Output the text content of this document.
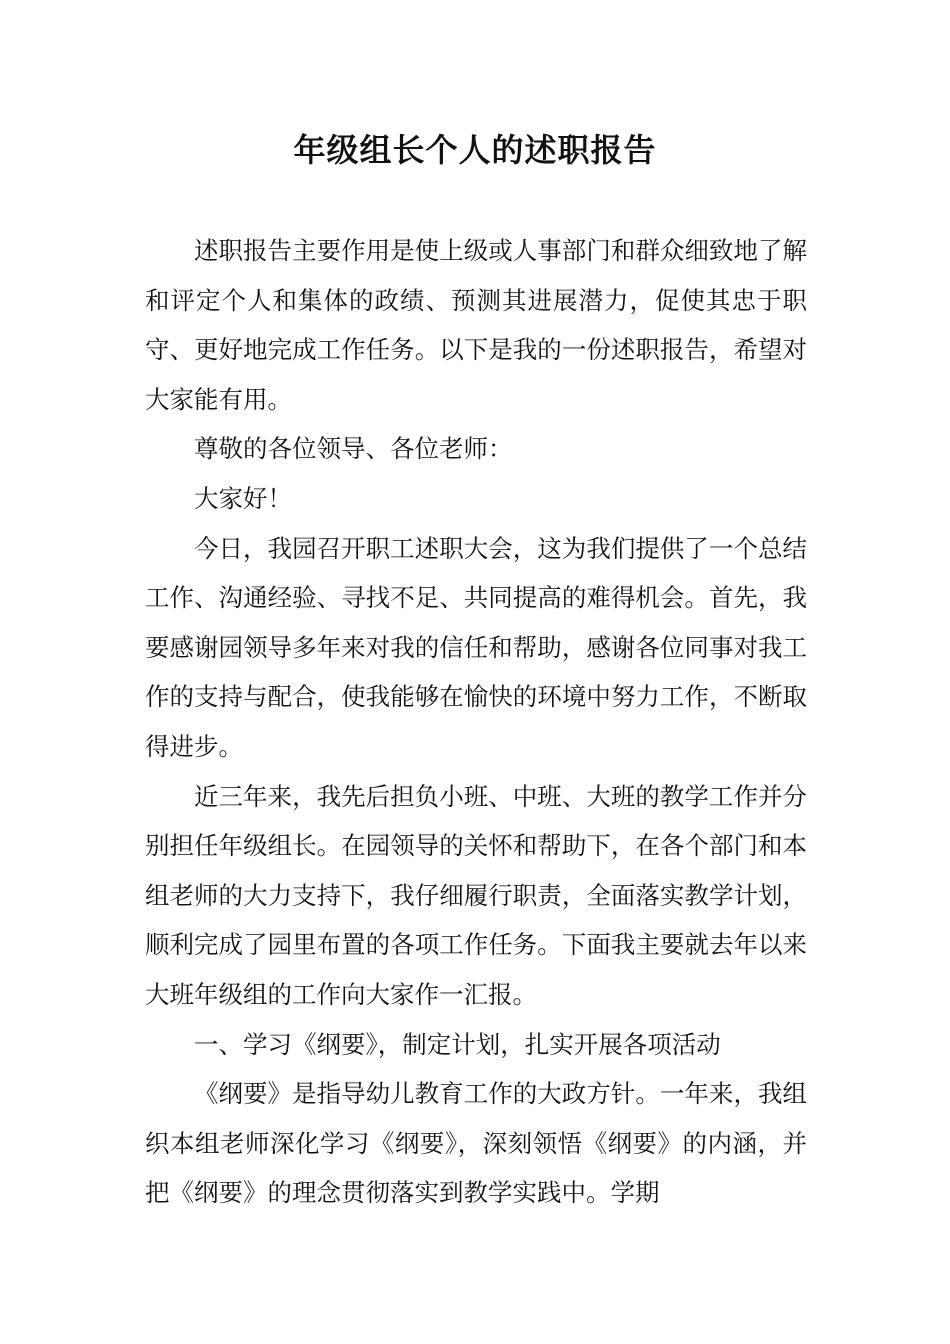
年级组长个人的述职报告

述职报告主要作用是使上级或人事部门和群众细致地了解和评定个人和集体的政绩、预测其进展潜力，促使其忠于职守、更好地完成工作任务。以下是我的一份述职报告，希望对大家能有用。

尊敬的各位领导、各位老师：

大家好！

今日，我园召开职工述职大会，这为我们提供了一个总结工作、沟通经验、寻找不足、共同提高的难得机会。首先，我要感谢园领导多年来对我的信任和帮助，感谢各位同事对我工作的支持与配合，使我能够在愉快的环境中努力工作，不断取得进步。

近三年来，我先后担负小班、中班、大班的教学工作并分别担任年级组长。在园领导的关怀和帮助下，在各个部门和本组老师的大力支持下，我仔细履行职责，全面落实教学计划，顺利完成了园里布置的各项工作任务。下面我主要就去年以来大班年级组的工作向大家作一汇报。

一、学习《纲要》，制定计划，扎实开展各项活动

《纲要》是指导幼儿教育工作的大政方针。一年来，我组织本组老师深化学习《纲要》，深刻领悟《纲要》的内涵，并把《纲要》的理念贯彻落实到教学实践中。学期
